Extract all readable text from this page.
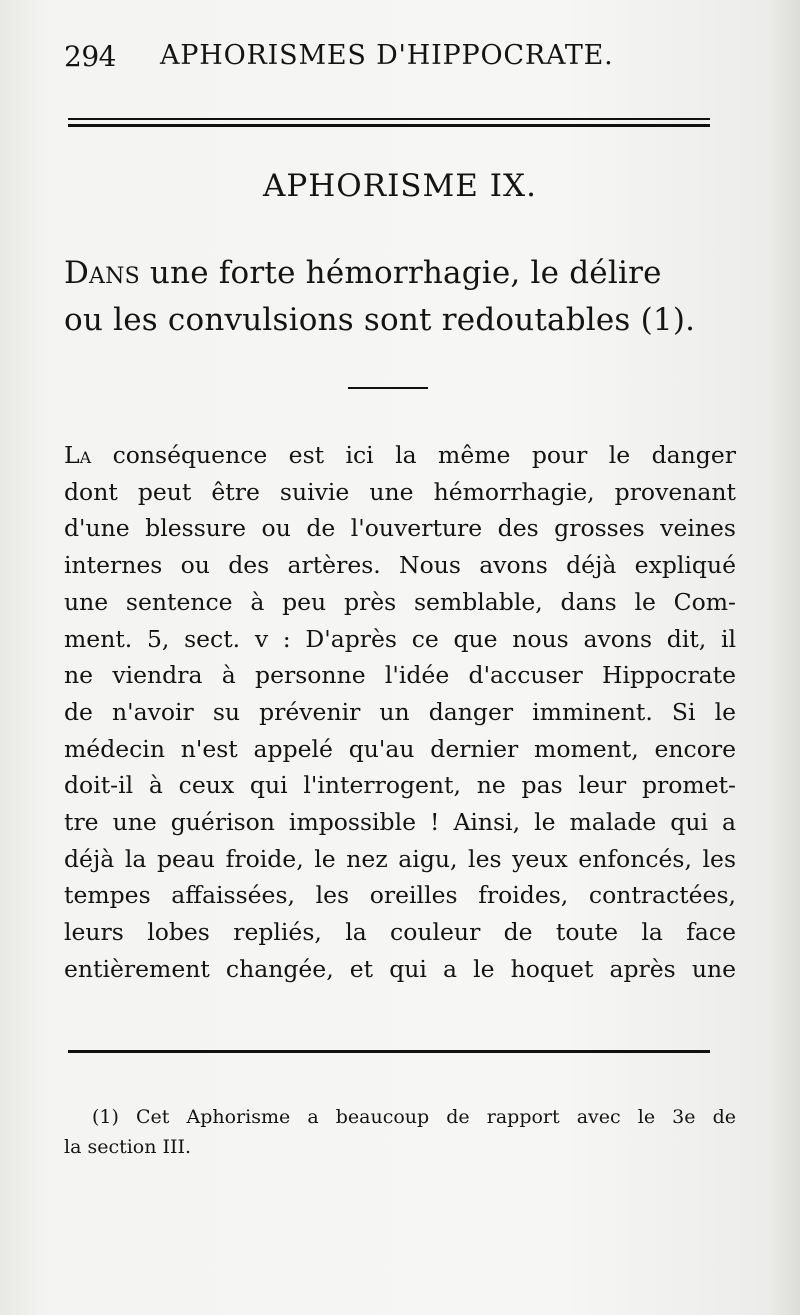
294 APHORISMES D'HIPPOCRATE.
APHORISME IX.
Dans une forte hémorrhagie, le délire
ou les convulsions sont redoutables (1).
La conséquence est ici la même pour le danger
dont peut être suivie une hémorrhagie, provenant
d'une blessure ou de l'ouverture des grosses veines
internes ou des artères. Nous avons déjà expliqué
une sentence à peu près semblable, dans le Com-
ment. 5, sect. v : D'après ce que nous avons dit, il
ne viendra à personne l'idée d'accuser Hippocrate
de n'avoir su prévenir un danger imminent. Si le
médecin n'est appelé qu'au dernier moment, encore
doit-il à ceux qui l'interrogent, ne pas leur promet-
tre une guérison impossible ! Ainsi, le malade qui a
déjà la peau froide, le nez aigu, les yeux enfoncés, les
tempes affaissées, les oreilles froides, contractées,
leurs lobes repliés, la couleur de toute la face
entièrement changée, et qui a le hoquet après une
(1) Cet Aphorisme a beaucoup de rapport avec le 3e de
la section III.
